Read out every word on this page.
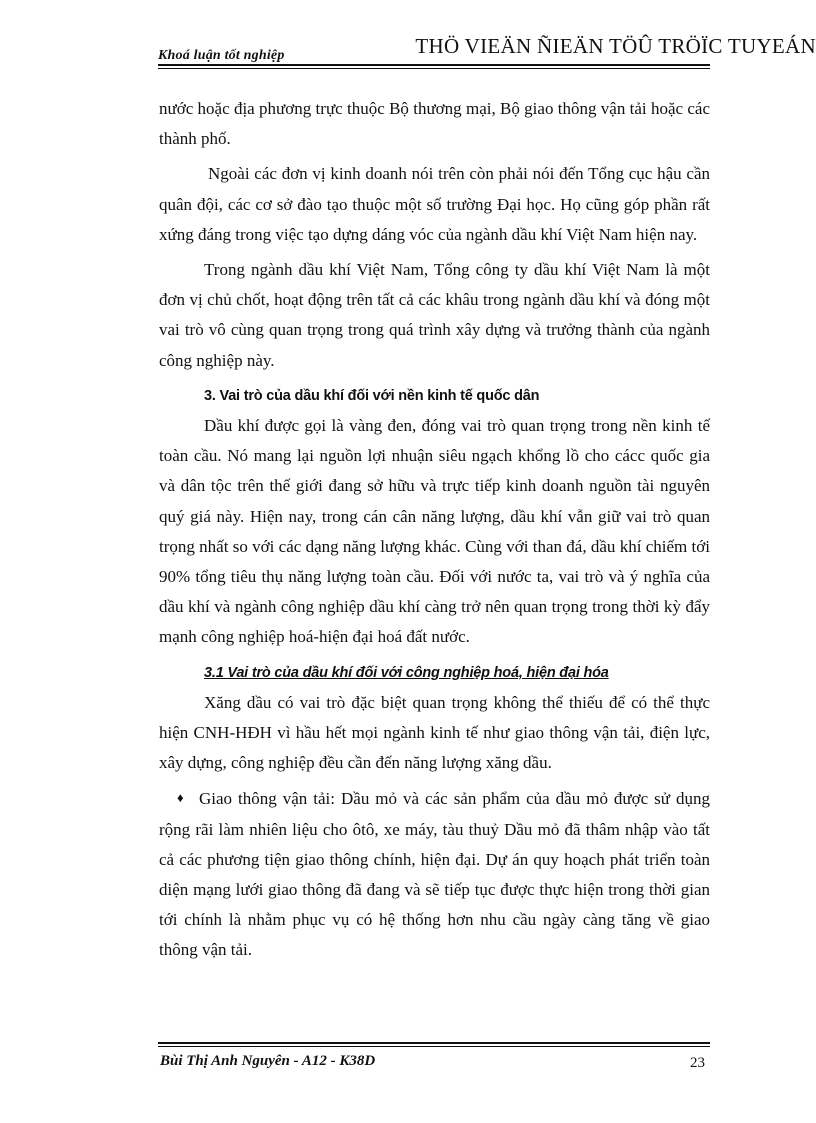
Khoá luận tốt nghiệp	THÖ VIEÄN ÑIEÄN TÖÛ TRÖÏC TUYEÁN

nước hoặc địa phương trực thuộc Bộ thương mại, Bộ giao thông vận tải hoặc các thành phố.

Ngoài các đơn vị kinh doanh nói trên còn phải nói đến Tổng cục hậu cần quân đội, các cơ sở đào tạo thuộc một số trường Đại học. Họ cũng góp phần rất xứng đáng trong việc tạo dựng dáng vóc của ngành dầu khí Việt Nam hiện nay.

Trong ngành dầu khí Việt Nam, Tổng công ty dầu khí Việt Nam là một đơn vị chủ chốt, hoạt động trên tất cả các khâu trong ngành dầu khí và đóng một vai trò vô cùng quan trọng trong quá trình xây dựng và trưởng thành của ngành công nghiệp này.

3. Vai trò của dầu khí đối với nền kinh tế quốc dân

Dầu khí được gọi là vàng đen, đóng vai trò quan trọng trong nền kinh tế toàn cầu. Nó mang lại nguồn lợi nhuận siêu ngạch khổng lồ cho cácc quốc gia và dân tộc trên thế giới đang sở hữu và trực tiếp kinh doanh nguồn tài nguyên quý giá này. Hiện nay, trong cán cân năng lượng, dầu khí vẫn giữ vai trò quan trọng nhất so với các dạng năng lượng khác. Cùng với than đá, dầu khí chiếm tới 90% tổng tiêu thụ năng lượng toàn cầu. Đối với nước ta, vai trò và ý nghĩa của dầu khí và ngành công nghiệp dầu khí càng trở nên quan trọng trong thời kỳ đẩy mạnh công nghiệp hoá-hiện đại hoá đất nước.

3.1 Vai trò của dầu khí đối với công nghiệp hoá, hiện đại hóa

Xăng dầu có vai trò đặc biệt quan trọng không thể thiếu để có thể thực hiện CNH-HĐH vì hầu hết mọi ngành kinh tế như giao thông vận tải, điện lực, xây dựng, công nghiệp đều cần đến năng lượng xăng dầu.

♦ Giao thông vận tải: Dầu mỏ và các sản phẩm của dầu mỏ được sử dụng rộng rãi làm nhiên liệu cho ôtô, xe máy, tàu thuỷ Dầu mỏ đã thâm nhập vào tất cả các phương tiện giao thông chính, hiện đại. Dự án quy hoạch phát triển toàn diện mạng lưới giao thông đã đang và sẽ tiếp tục được thực hiện trong thời gian tới chính là nhằm phục vụ có hệ thống hơn nhu cầu ngày càng tăng về giao thông vận tải.

Bùi Thị Anh Nguyên - A12 - K38D	23
